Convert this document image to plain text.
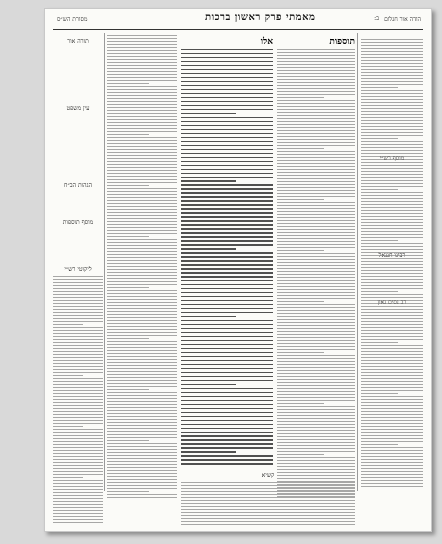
הודה אור חגלום
ב:
מאמתי פרק ראשון ברכות
מסורת הש״ס
תוספות
אלו
תורה אור
עין משפט
הגהות הב״ח
מוסף תוספות
ליקוטי רש״י
קשיא
